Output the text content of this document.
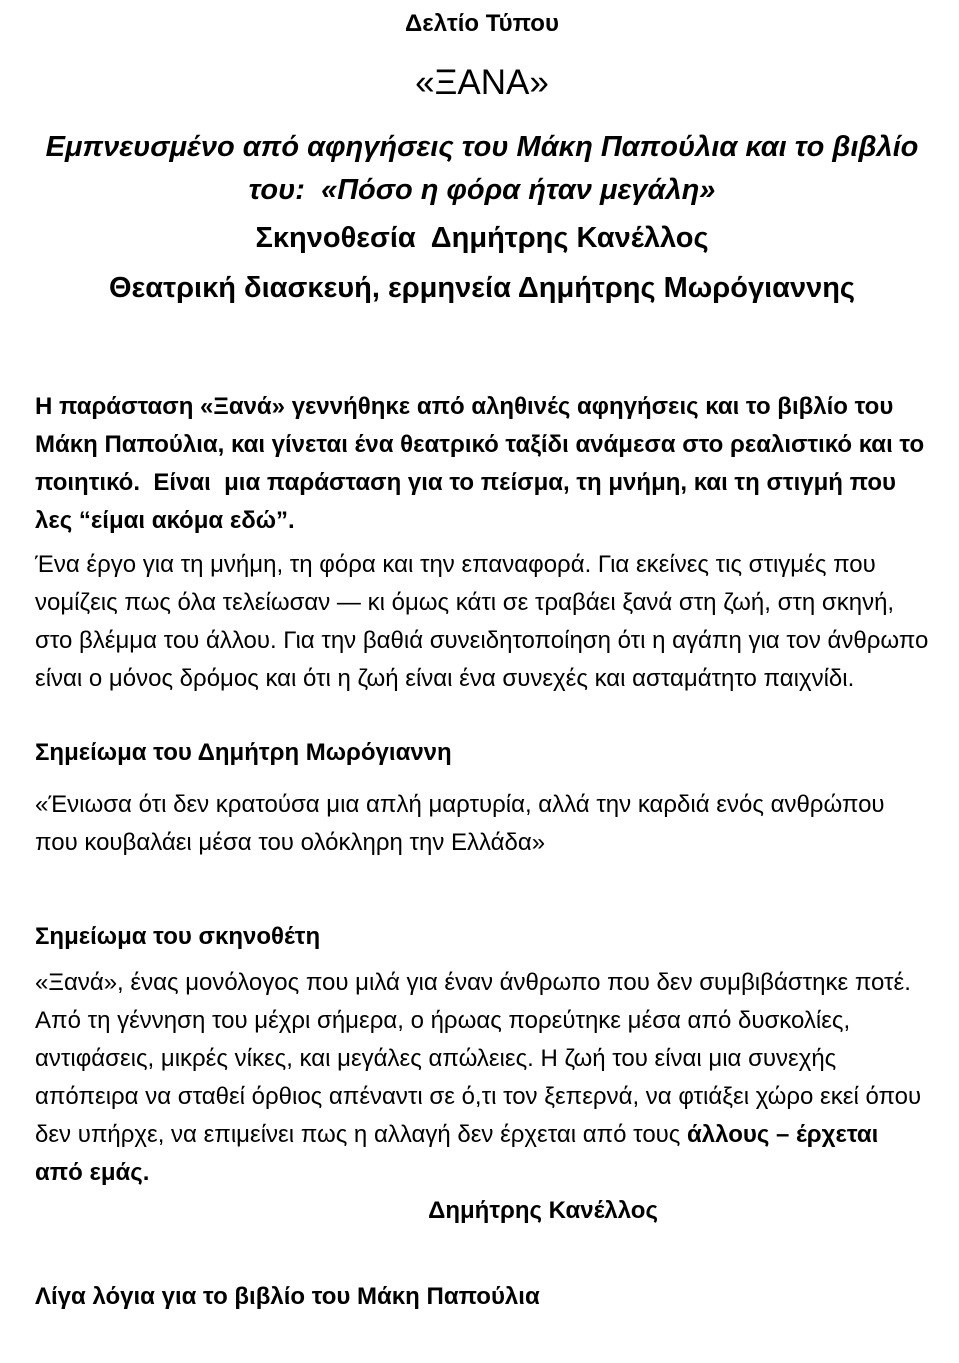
Δελτίο Τύπου
«ΞΑΝΑ»
Εμπνευσμένο από αφηγήσεις του Μάκη Παπούλια και το βιβλίο του:  «Πόσο η φόρα ήταν μεγάλη»
Σκηνοθεσία  Δημήτρης Κανέλλος
Θεατρική διασκευή, ερμηνεία Δημήτρης Μωρόγιαννης
Η παράσταση «Ξανά» γεννήθηκε από αληθινές αφηγήσεις και το βιβλίο του Μάκη Παπούλια, και γίνεται ένα θεατρικό ταξίδι ανάμεσα στο ρεαλιστικό και το ποιητικό.  Είναι  μια παράσταση για το πείσμα, τη μνήμη, και τη στιγμή που λες “είμαι ακόμα εδώ”.
Ένα έργο για τη μνήμη, τη φόρα και την επαναφορά. Για εκείνες τις στιγμές που νομίζεις πως όλα τελείωσαν — κι όμως κάτι σε τραβάει ξανά στη ζωή, στη σκηνή, στο βλέμμα του άλλου. Για την βαθιά συνειδητοποίηση ότι η αγάπη για τον άνθρωπο είναι ο μόνος δρόμος και ότι η ζωή είναι ένα συνεχές και ασταμάτητο παιχνίδι.
Σημείωμα του Δημήτρη Μωρόγιαννη
«Ένιωσα ότι δεν κρατούσα μια απλή μαρτυρία, αλλά την καρδιά ενός ανθρώπου που κουβαλάει μέσα του ολόκληρη την Ελλάδα»
Σημείωμα του σκηνοθέτη
«Ξανά», ένας μονόλογος που μιλά για έναν άνθρωπο που δεν συμβιβάστηκε ποτέ. Από τη γέννηση του μέχρι σήμερα, ο ήρωας πορεύτηκε μέσα από δυσκολίες, αντιφάσεις, μικρές νίκες, και μεγάλες απώλειες. Η ζωή του είναι μια συνεχής απόπειρα να σταθεί όρθιος απέναντι σε ό,τι τον ξεπερνά, να φτιάξει χώρο εκεί όπου δεν υπήρχε, να επιμείνει πως η αλλαγή δεν έρχεται από τους άλλους – έρχεται από εμάς.
Δημήτρης Κανέλλος
Λίγα λόγια για το βιβλίο του Μάκη Παπούλια
